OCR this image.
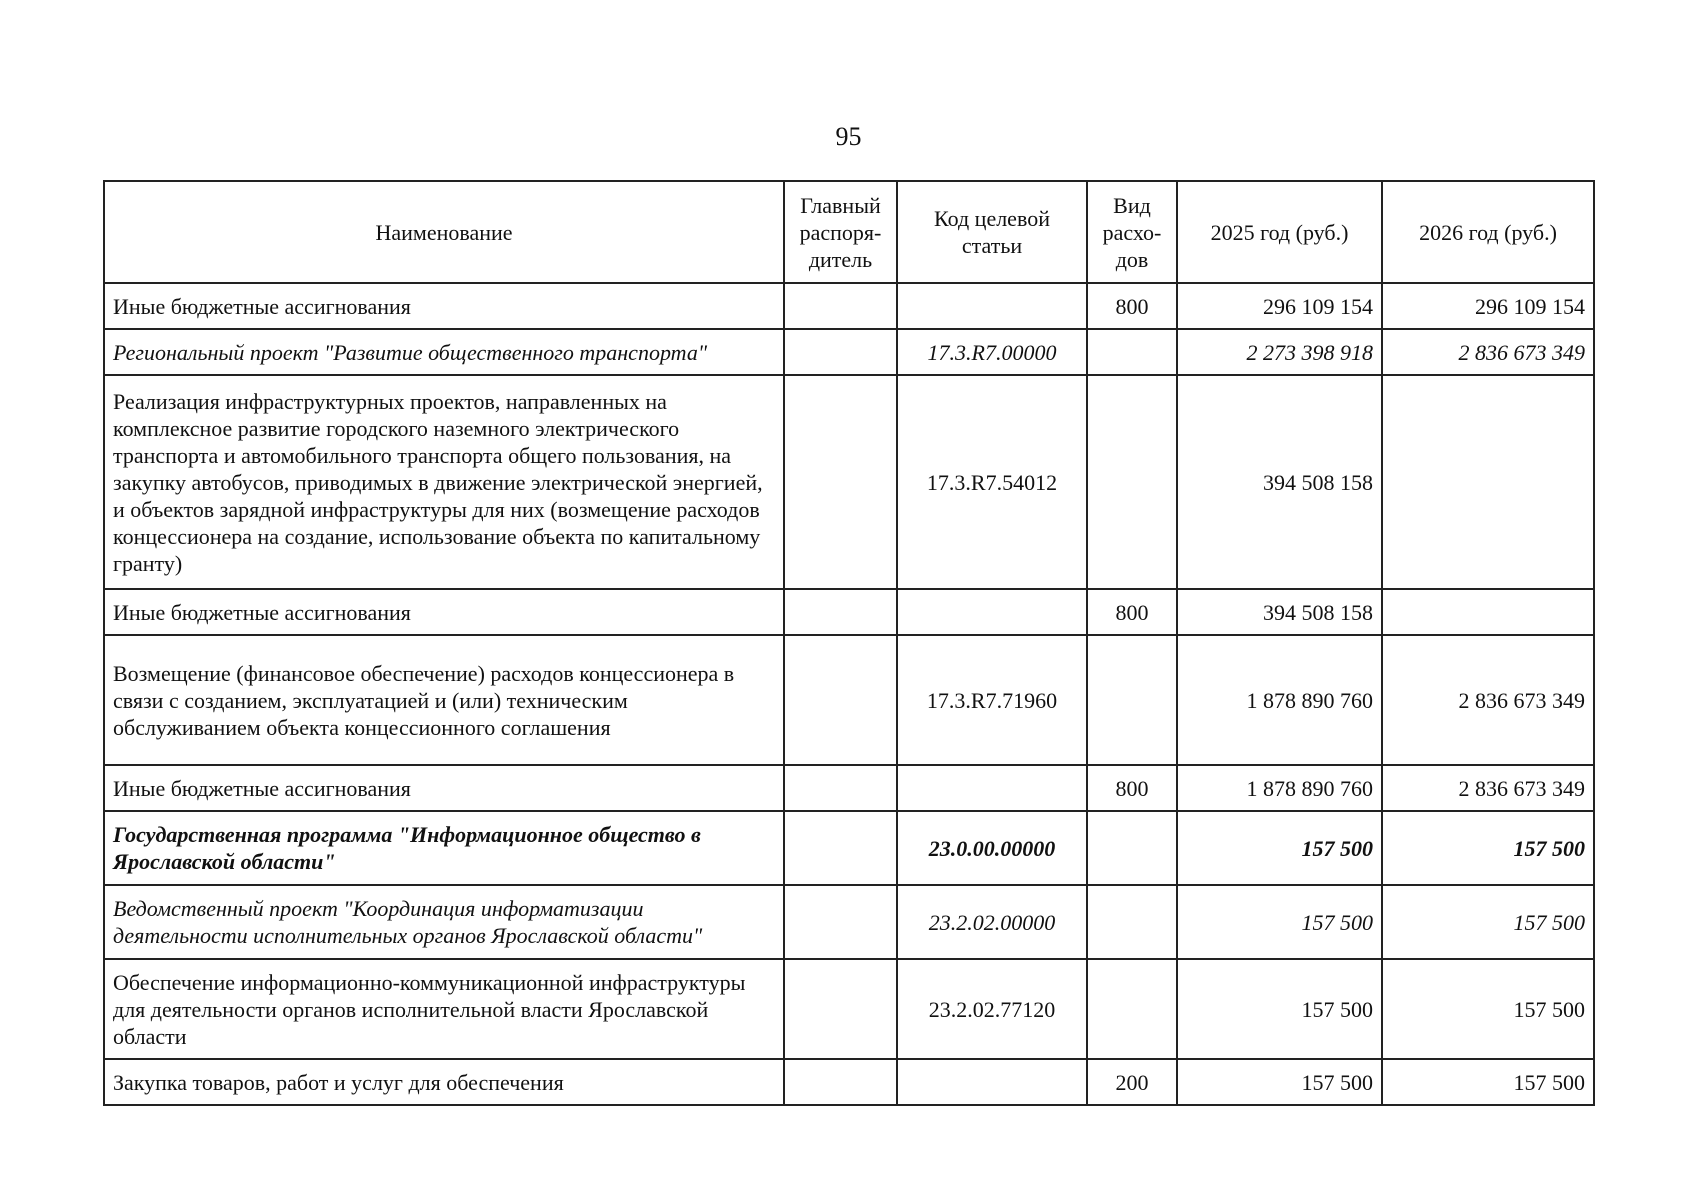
95
Наименование	Главный распоря-дитель	Код целевой статьи	Вид расхо-дов	2025 год (руб.)	2026 год (руб.)
Иные бюджетные ассигнования			800	296 109 154	296 109 154
Региональный проект "Развитие общественного транспорта"		17.3.R7.00000		2 273 398 918	2 836 673 349
Реализация инфраструктурных проектов, направленных на комплексное развитие городского наземного электрического транспорта и автомобильного транспорта общего пользования, на закупку автобусов, приводимых в движение электрической энергией, и объектов зарядной инфраструктуры для них (возмещение расходов концессионера на создание, использование объекта по капитальному гранту)		17.3.R7.54012		394 508 158	
Иные бюджетные ассигнования			800	394 508 158	
Возмещение (финансовое обеспечение) расходов концессионера в связи с созданием, эксплуатацией и (или) техническим обслуживанием объекта концессионного соглашения		17.3.R7.71960		1 878 890 760	2 836 673 349
Иные бюджетные ассигнования			800	1 878 890 760	2 836 673 349
Государственная программа "Информационное общество в Ярославской области"		23.0.00.00000		157 500	157 500
Ведомственный проект "Координация информатизации деятельности исполнительных органов Ярославской области"		23.2.02.00000		157 500	157 500
Обеспечение информационно-коммуникационной инфраструктуры для деятельности органов исполнительной власти Ярославской области		23.2.02.77120		157 500	157 500
Закупка товаров, работ и услуг для обеспечения			200	157 500	157 500
